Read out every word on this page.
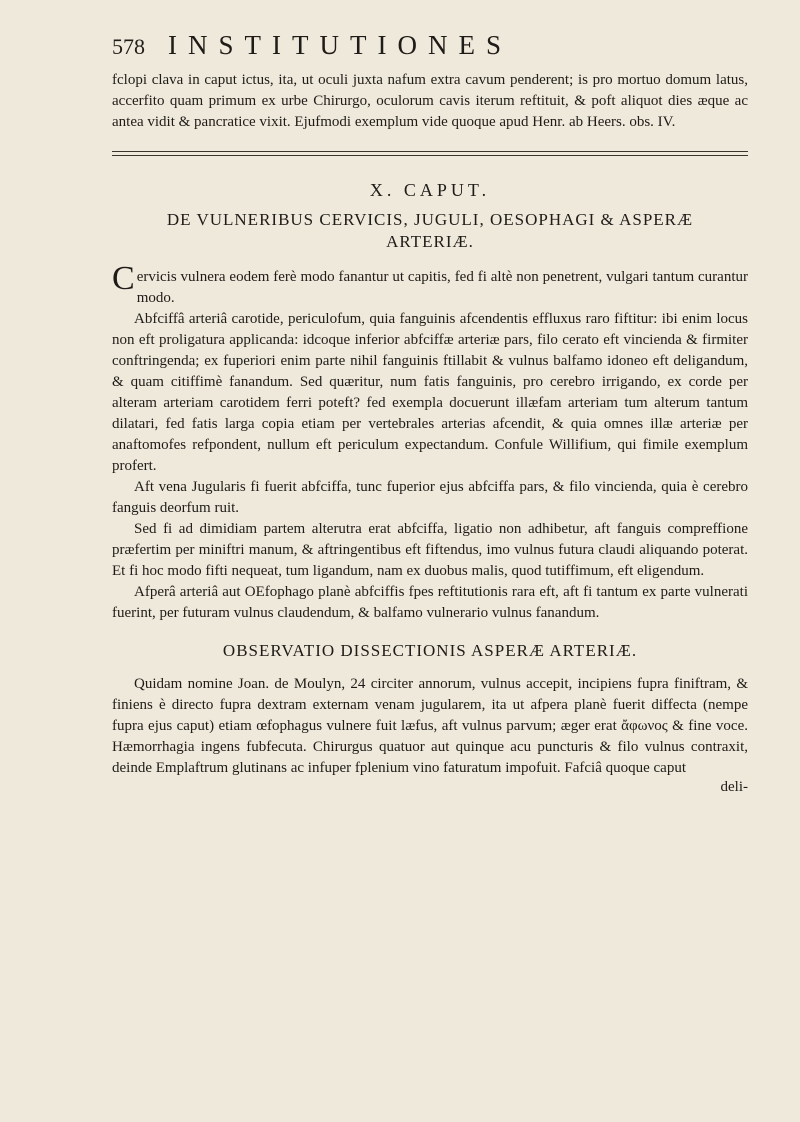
578 INSTITUTIONES

fclopi clava in caput ictus, ita, ut oculi juxta nafum extra cavum penderent; is pro mortuo domum latus, accerfito quam primum ex urbe Chirurgo, oculorum cavis iterum reftituit, & poft aliquot dies æque ac antea vidit & pancratice vixit. Ejufmodi exemplum vide quoque apud Henr. ab Heers. obs. IV.

X. CAPUT.
DE VULNERIBUS CERVICIS, JUGULI, OESOPHAGI & ASPERÆ ARTERIÆ.

Cervicis vulnera eodem ferè modo fanantur ut capitis, fed fi altè non penetrent, vulgari tantum curantur modo.

Abfciffâ arteriâ carotide, periculofum, quia fanguinis afcendentis effluxus raro fiftitur: ibi enim locus non eft proligatura applicanda: idcoque inferior abfciffæ arteriæ pars, filo cerato eft vincienda & firmiter conftringenda; ex fuperiori enim parte nihil fanguinis ftillabit & vulnus balfamo idoneo eft deligandum, & quam citiffimè fanandum. Sed quæritur, num fatis fanguinis, pro cerebro irrigando, ex corde per alteram arteriam carotidem ferri poteft? fed exempla docuerunt illæfam arteriam tum alterum tantum dilatari, fed fatis larga copia etiam per vertebrales arterias afcendit, & quia omnes illæ arteriæ per anaftomofes refpondent, nullum eft periculum expectandum. Confule Willifium, qui fimile exemplum profert.

Aft vena Jugularis fi fuerit abfciffa, tunc fuperior ejus abfciffa pars, & filo vincienda, quia è cerebro fanguis deorfum ruit.

Sed fi ad dimidiam partem alterutra erat abfciffa, ligatio non adhibetur, aft fanguis compreffione præfertim per miniftri manum, & aftringentibus eft fiftendus, imo vulnus futura claudi aliquando poterat. Et fi hoc modo fifti nequeat, tum ligandum, nam ex duobus malis, quod tutiffimum, eft eligendum.

Afperâ arteriâ aut OEfophago planè abfciffis fpes reftitutionis rara eft, aft fi tantum ex parte vulnerati fuerint, per futuram vulnus claudendum, & balfamo vulnerario vulnus fanandum.

OBSERVATIO DISSECTIONIS ASPERÆ ARTERIÆ.

Quidam nomine Joan. de Moulyn, 24 circiter annorum, vulnus accepit, incipiens fupra finiftram, & finiens è directo fupra dextram externam venam jugularem, ita ut afpera planè fuerit diffecta (nempe fupra ejus caput) etiam œfophagus vulnere fuit læfus, aft vulnus parvum; æger erat ἄφωνος & fine voce. Hæmorrhagia ingens fubfecuta. Chirurgus quatuor aut quinque acu puncturis & filo vulnus contraxit, deinde Emplaftrum glutinans ac infuper fplenium vino faturatum impofuit. Fafciâ quoque caput

deli-
